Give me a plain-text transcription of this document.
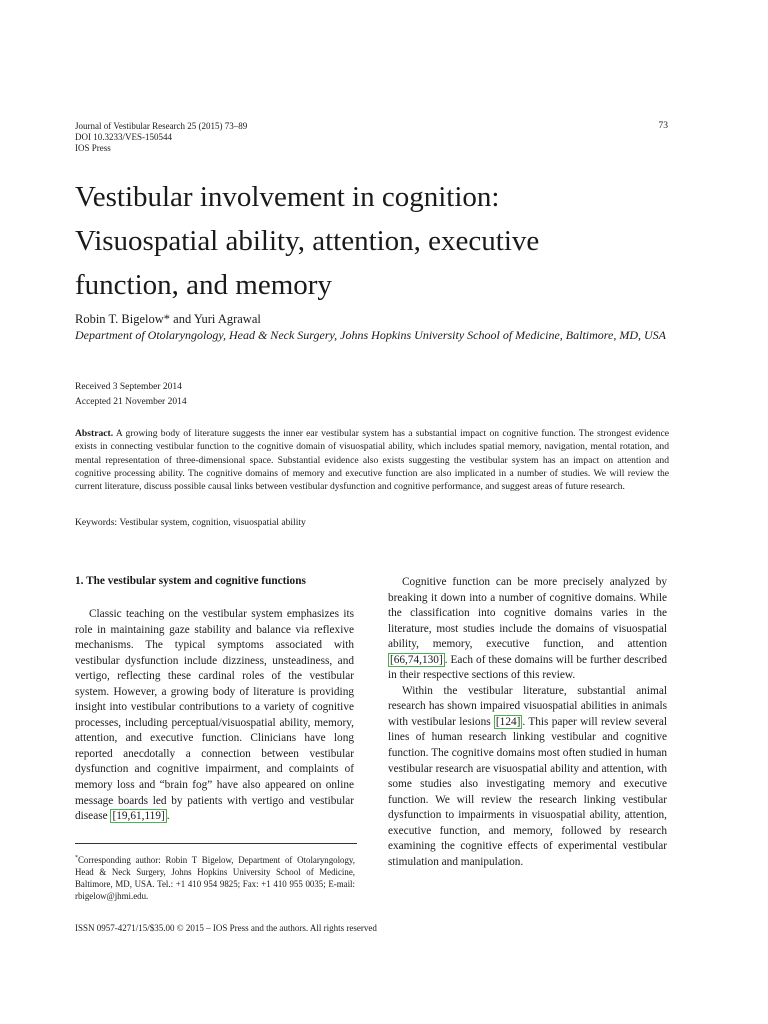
Journal of Vestibular Research 25 (2015) 73–89
DOI 10.3233/VES-150544
IOS Press
73
Vestibular involvement in cognition:
Visuospatial ability, attention, executive
function, and memory
Robin T. Bigelow* and Yuri Agrawal
Department of Otolaryngology, Head & Neck Surgery, Johns Hopkins University School of Medicine, Baltimore, MD, USA
Received 3 September 2014
Accepted 21 November 2014
Abstract. A growing body of literature suggests the inner ear vestibular system has a substantial impact on cognitive function. The strongest evidence exists in connecting vestibular function to the cognitive domain of visuospatial ability, which includes spatial memory, navigation, mental rotation, and mental representation of three-dimensional space. Substantial evidence also exists suggesting the vestibular system has an impact on attention and cognitive processing ability. The cognitive domains of memory and executive function are also implicated in a number of studies. We will review the current literature, discuss possible causal links between vestibular dysfunction and cognitive performance, and suggest areas of future research.
Keywords: Vestibular system, cognition, visuospatial ability
1. The vestibular system and cognitive functions

Classic teaching on the vestibular system emphasizes its role in maintaining gaze stability and balance via reflexive mechanisms. The typical symptoms associated with vestibular dysfunction include dizziness, unsteadiness, and vertigo, reflecting these cardinal roles of the vestibular system. However, a growing body of literature is providing insight into vestibular contributions to a variety of cognitive processes, including perceptual/visuospatial ability, memory, attention, and executive function. Clinicians have long reported anecdotally a connection between vestibular dysfunction and cognitive impairment, and complaints of memory loss and “brain fog” have also appeared on online message boards led by patients with vertigo and vestibular disease [19,61,119] .

Cognitive function can be more precisely analyzed by breaking it down into a number of cognitive domains. While the classification into cognitive domains varies in the literature, most studies include the domains of visuospatial ability, memory, executive function, and attention [66,74,130] . Each of these domains will be further described in their respective sections of this review.

Within the vestibular literature, substantial animal research has shown impaired visuospatial abilities in animals with vestibular lesions [124] . This paper will review several lines of human research linking vestibular and cognitive function. The cognitive domains most often studied in human vestibular research are visuospatial ability and attention, with some studies also investigating memory and executive function. We will review the research linking vestibular dysfunction to impairments in visuospatial ability, attention, executive function, and memory, followed by research examining the cognitive effects of experimental vestibular stimulation and manipulation.

*Corresponding author: Robin T Bigelow, Department of Otolaryngology, Head & Neck Surgery, Johns Hopkins University School of Medicine, Baltimore, MD, USA. Tel.: +1 410 954 9825; Fax: +1 410 955 0035; E-mail: rbigelow@jhmi.edu.
ISSN 0957-4271/15/$35.00 © 2015 – IOS Press and the authors. All rights reserved
